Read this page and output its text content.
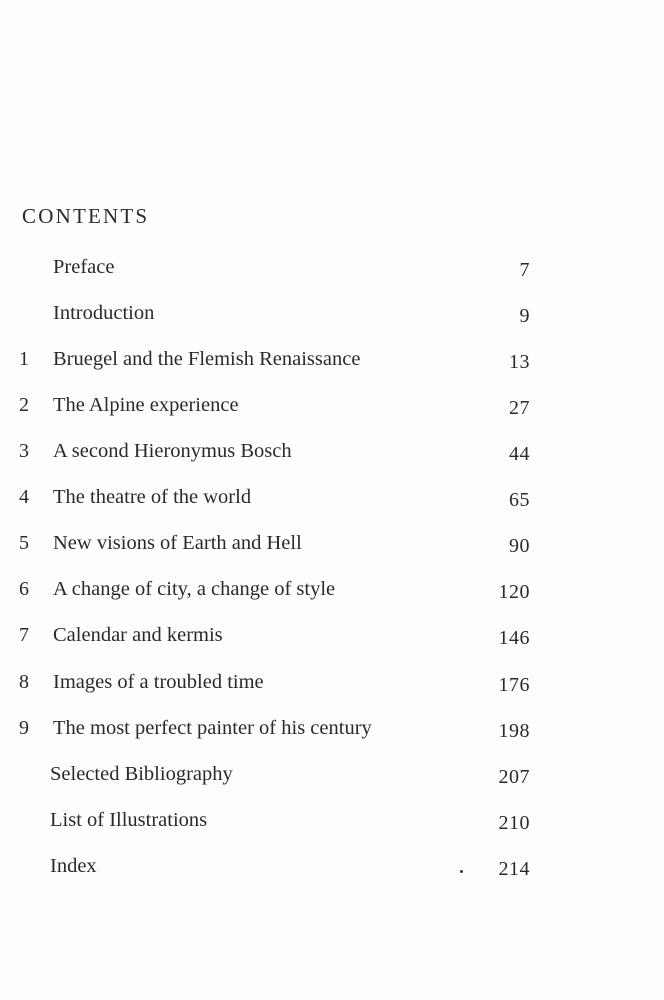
CONTENTS
Preface	7
Introduction	9
1	Bruegel and the Flemish Renaissance	13
2	The Alpine experience	27
3	A second Hieronymus Bosch	44
4	The theatre of the world	65
5	New visions of Earth and Hell	90
6	A change of city, a change of style	120
7	Calendar and kermis	146
8	Images of a troubled time	176
9	The most perfect painter of his century	198
Selected Bibliography	207
List of Illustrations	210
Index	214
